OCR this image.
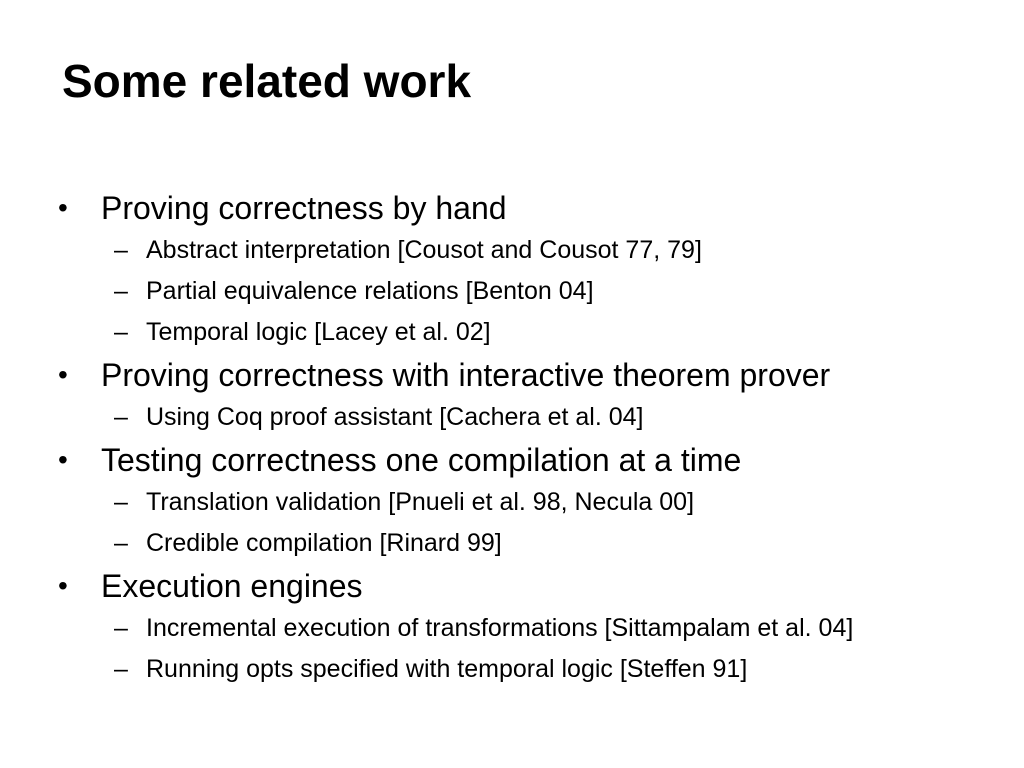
Some related work
• Proving correctness by hand
– Abstract interpretation [Cousot and Cousot 77, 79]
– Partial equivalence relations [Benton 04]
– Temporal logic [Lacey et al. 02]
• Proving correctness with interactive theorem prover
– Using Coq proof assistant [Cachera et al. 04]
• Testing correctness one compilation at a time
– Translation validation [Pnueli et al. 98, Necula 00]
– Credible compilation [Rinard 99]
• Execution engines
– Incremental execution of transformations [Sittampalam et al. 04]
– Running opts specified with temporal logic [Steffen 91]
